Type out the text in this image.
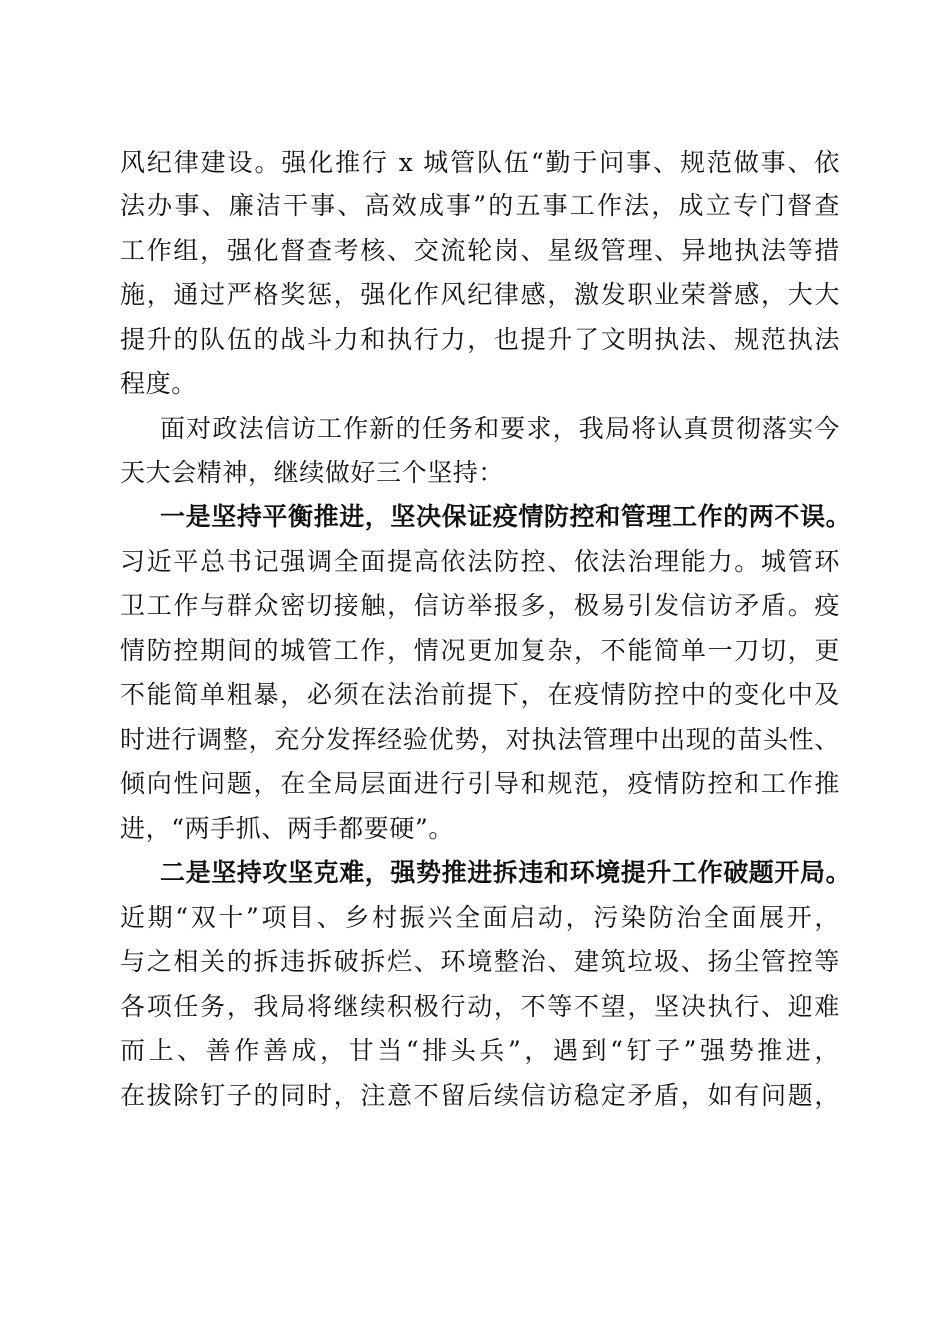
风纪律建设。强化推行 x 城管队伍“勤于问事、规范做事、依
法办事、廉洁干事、高效成事”的五事工作法，成立专门督查
工作组，强化督查考核、交流轮岗、星级管理、异地执法等措
施，通过严格奖惩，强化作风纪律感，激发职业荣誉感，大大
提升的队伍的战斗力和执行力，也提升了文明执法、规范执法
程度。
面对政法信访工作新的任务和要求，我局将认真贯彻落实今
天大会精神，继续做好三个坚持：
一是坚持平衡推进，坚决保证疫情防控和管理工作的两不误。
习近平总书记强调全面提高依法防控、依法治理能力。城管环
卫工作与群众密切接触，信访举报多，极易引发信访矛盾。疫
情防控期间的城管工作，情况更加复杂，不能简单一刀切，更
不能简单粗暴，必须在法治前提下，在疫情防控中的变化中及
时进行调整，充分发挥经验优势，对执法管理中出现的苗头性、
倾向性问题，在全局层面进行引导和规范，疫情防控和工作推
进，“两手抓、两手都要硬”。
二是坚持攻坚克难，强势推进拆违和环境提升工作破题开局。
近期“双十”项目、乡村振兴全面启动，污染防治全面展开，
与之相关的拆违拆破拆烂、环境整治、建筑垃圾、扬尘管控等
各项任务，我局将继续积极行动，不等不望，坚决执行、迎难
而上、善作善成，甘当“排头兵”，遇到“钉子”强势推进，
在拔除钉子的同时，注意不留后续信访稳定矛盾，如有问题，
